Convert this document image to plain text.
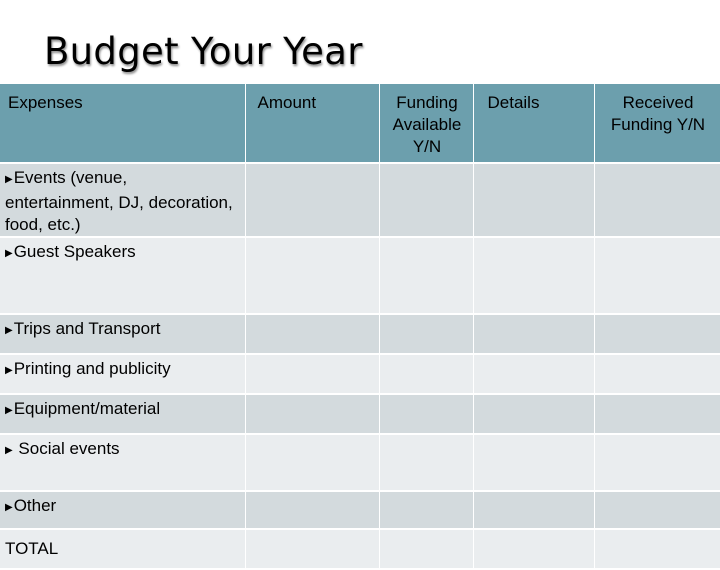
Budget Your Year
Expenses	Amount	Funding Available Y/N	Details	Received Funding Y/N
▶Events (venue, entertainment, DJ, decoration, food, etc.)				
▶Guest Speakers				
▶Trips and Transport				
▶Printing and publicity				
▶Equipment/material				
▶ Social events				
▶Other				
TOTAL				
